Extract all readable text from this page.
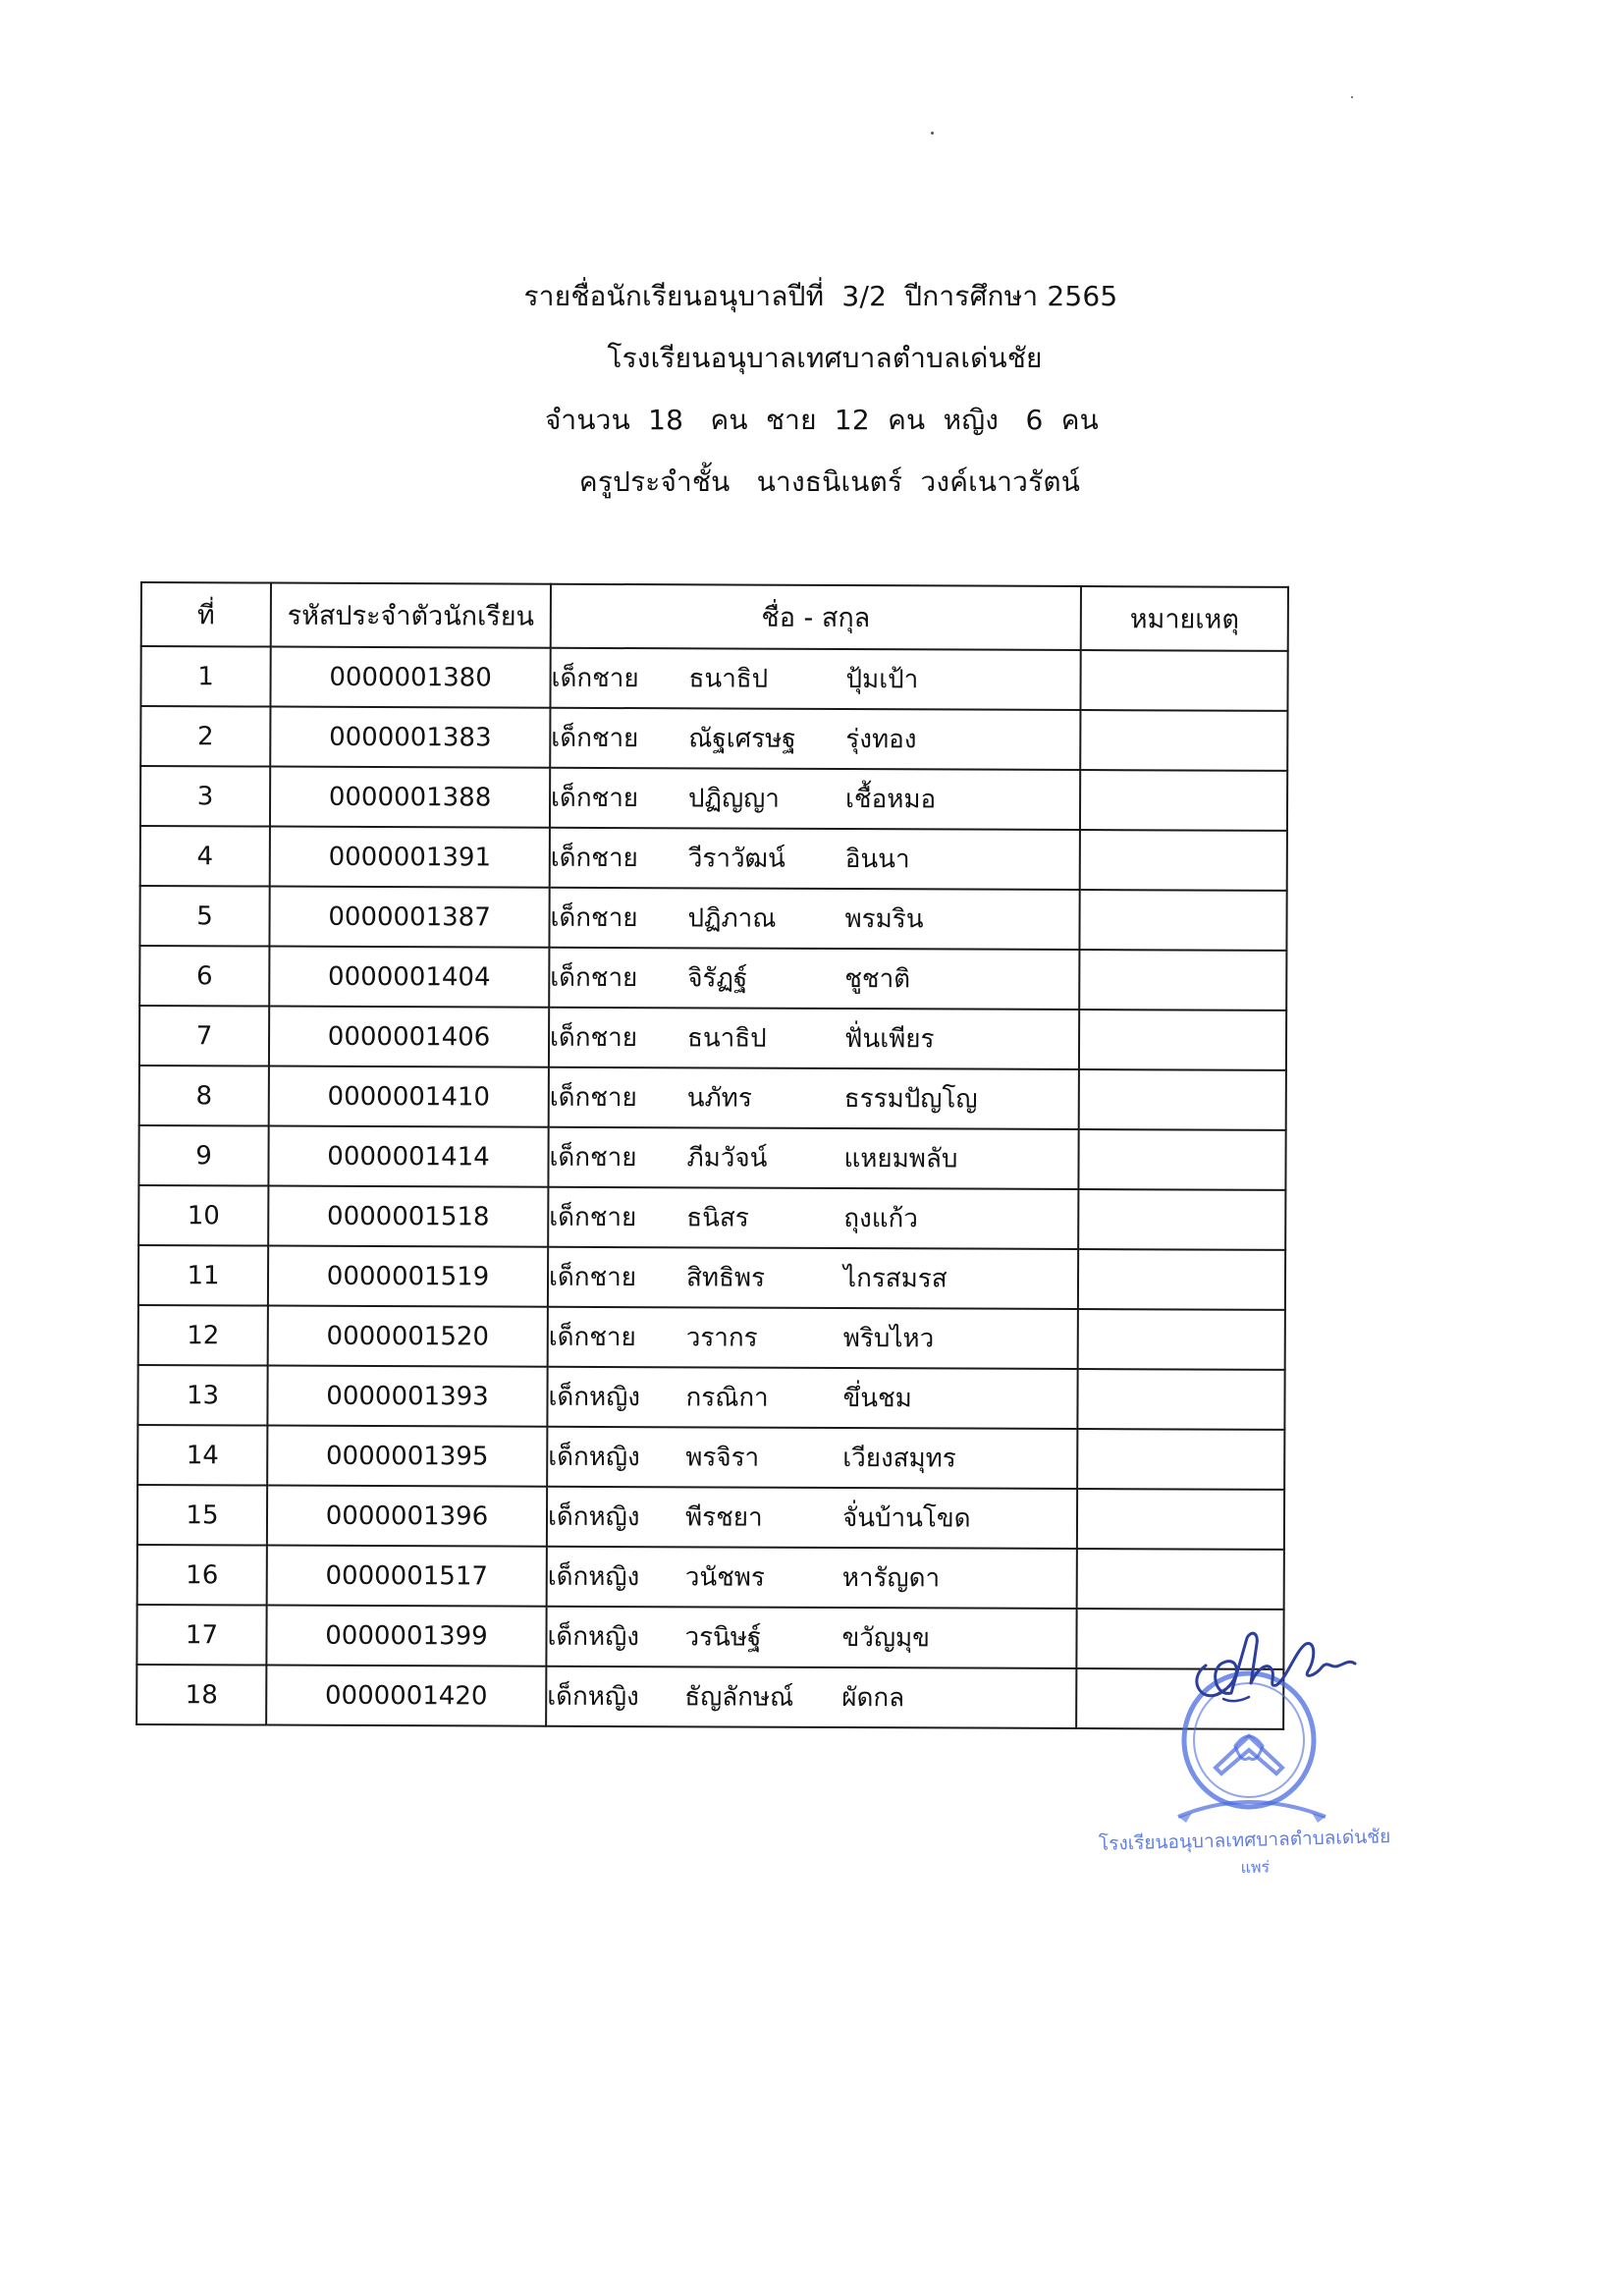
รายชื่อนักเรียนอนุบาลปีที่  3/2  ปีการศึกษา 2565
โรงเรียนอนุบาลเทศบาลตำบลเด่นชัย
จำนวน  18   คน  ชาย  12  คน  หญิง   6  คน
ครูประจำชั้น   นางธนิเนตร์  วงค์เนาวรัตน์
ที่	รหัสประจำตัวนักเรียน	ชื่อ - สกุล	หมายเหตุ
1	0000001380	เด็กชาย ธนาธิป ปุ้มเป้า	
2	0000001383	เด็กชาย ณัฐเศรษฐ รุ่งทอง	
3	0000001388	เด็กชาย ปฏิญญา เชื้อหมอ	
4	0000001391	เด็กชาย วีราวัฒน์ อินนา	
5	0000001387	เด็กชาย ปฏิภาณ พรมริน	
6	0000001404	เด็กชาย จิรัฏฐ์ ชูชาติ	
7	0000001406	เด็กชาย ธนาธิป ฟั่นเพียร	
8	0000001410	เด็กชาย นภัทร ธรรมปัญโญ	
9	0000001414	เด็กชาย ภีมวัจน์ แหยมพลับ	
10	0000001518	เด็กชาย ธนิสร ถุงแก้ว	
11	0000001519	เด็กชาย สิทธิพร ไกรสมรส	
12	0000001520	เด็กชาย วรากร พริบไหว	
13	0000001393	เด็กหญิง กรณิกา ขึ่นชม	
14	0000001395	เด็กหญิง พรจิรา เวียงสมุทร	
15	0000001396	เด็กหญิง พีรชยา จั่นบ้านโขด	
16	0000001517	เด็กหญิง วนัชพร หารัญดา	
17	0000001399	เด็กหญิง วรนิษฐ์ ขวัญมุข	
18	0000001420	เด็กหญิง ธัญลักษณ์ ผัดกล	
โรงเรียนอนุบาลเทศบาลตำบลเด่นชัย
แพร่
